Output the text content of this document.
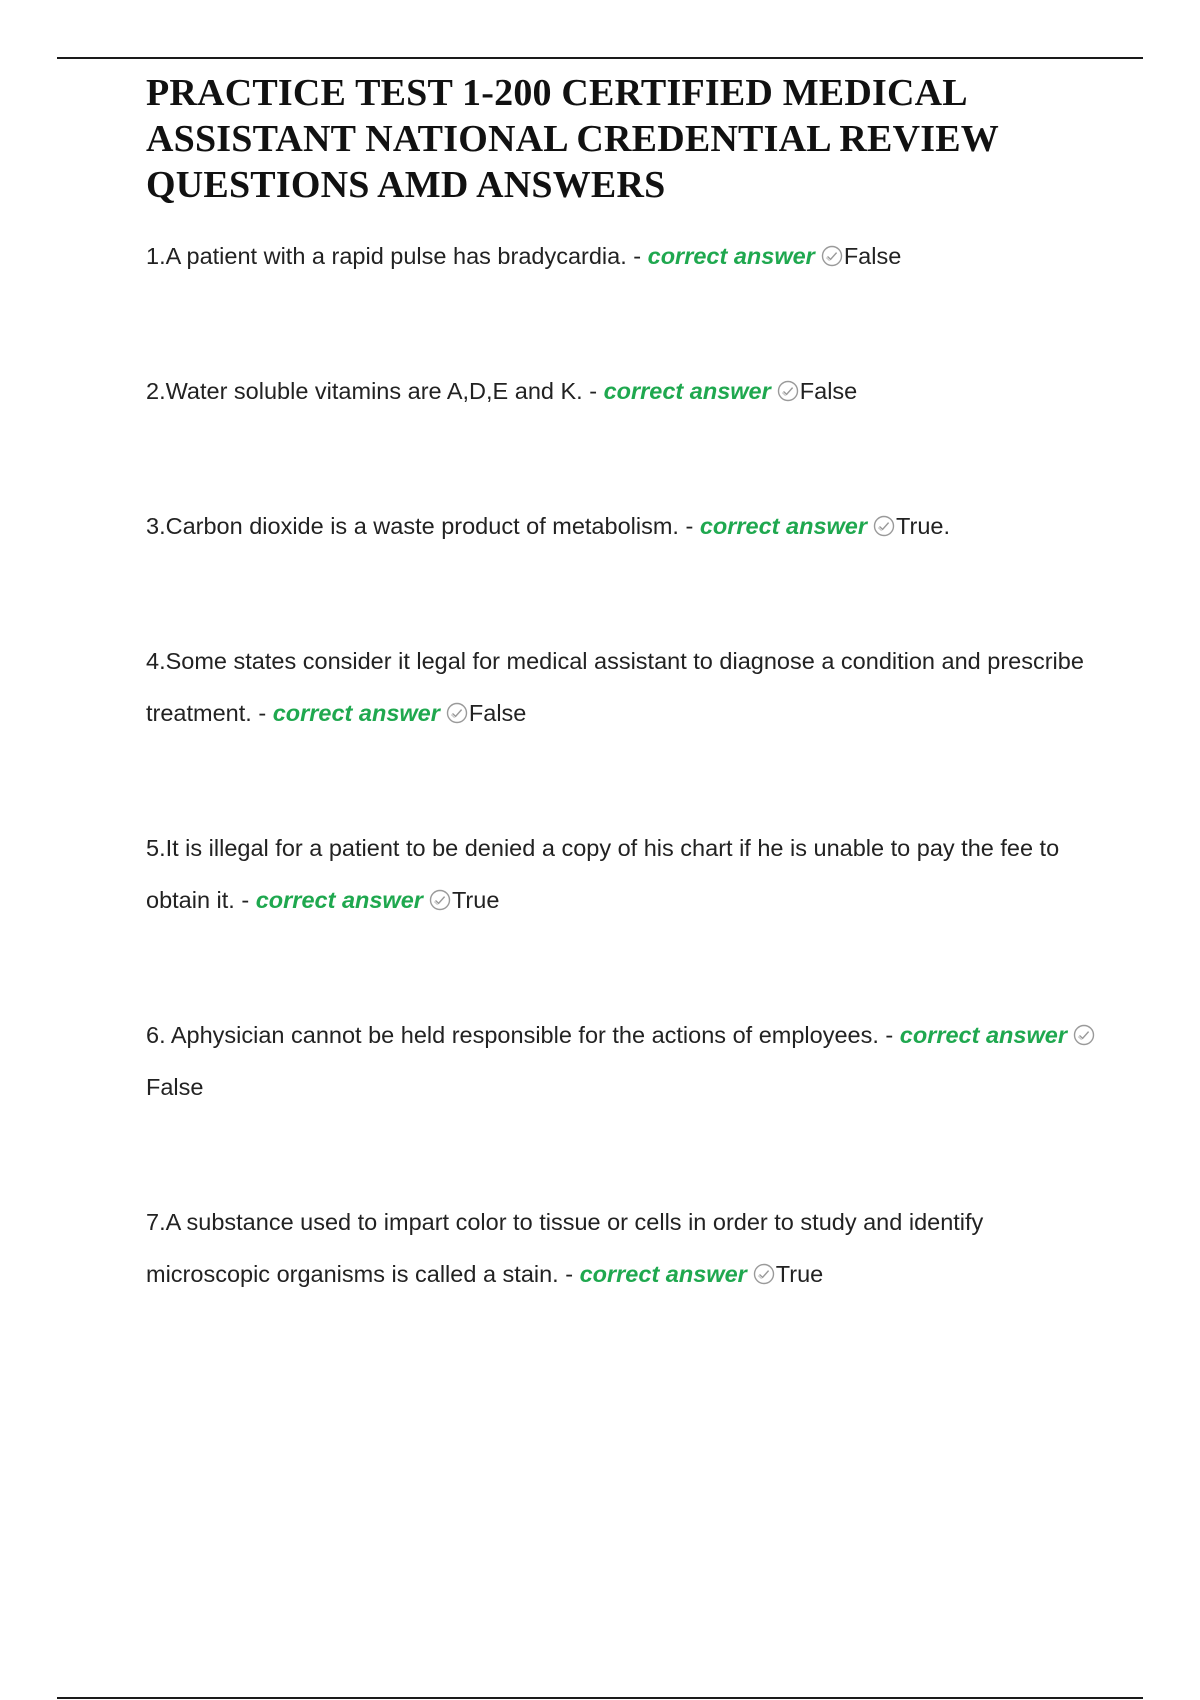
PRACTICE TEST 1-200 CERTIFIED MEDICAL ASSISTANT NATIONAL CREDENTIAL REVIEW QUESTIONS AMD ANSWERS

1.A patient with a rapid pulse has bradycardia. - correct answer False

2.Water soluble vitamins are A,D,E and K. - correct answer False

3.Carbon dioxide is a waste product of metabolism. - correct answer True.

4.Some states consider it legal for medical assistant to diagnose a condition and prescribe treatment. - correct answer False

5.It is illegal for a patient to be denied a copy of his chart if he is unable to pay the fee to obtain it. - correct answer True

6. Aphysician cannot be held responsible for the actions of employees. - correct answer
False

7.A substance used to impart color to tissue or cells in order to study and identify microscopic organisms is called a stain. - correct answer True
